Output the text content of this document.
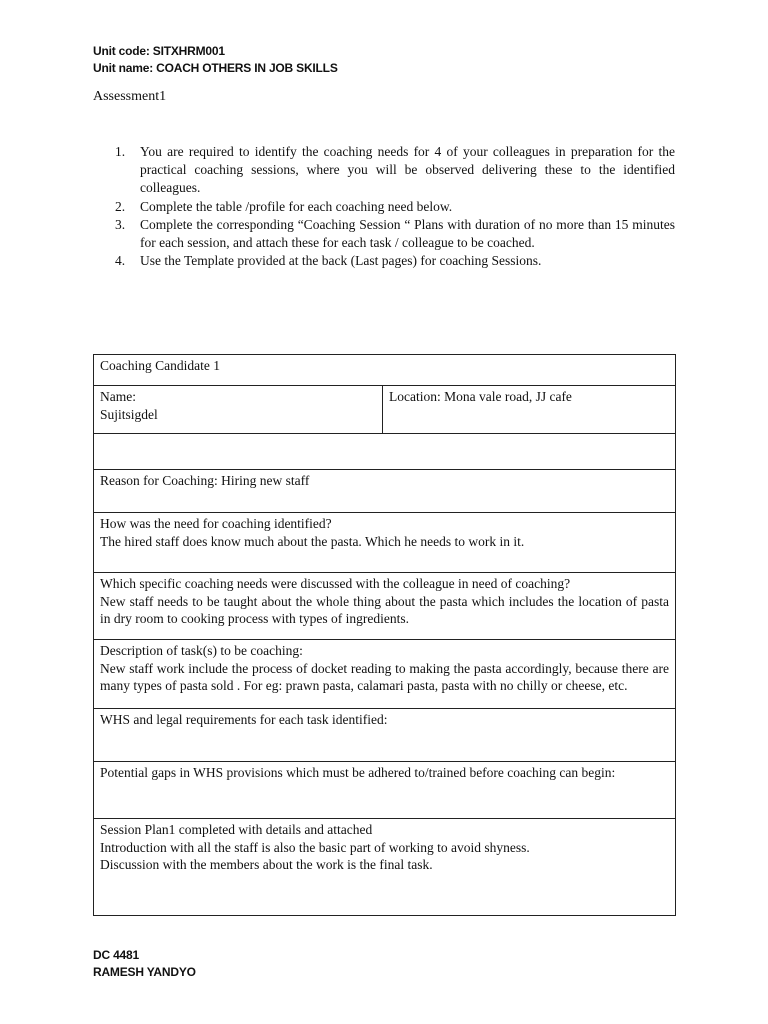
Unit code: SITXHRM001
Unit name: COACH OTHERS IN JOB SKILLS
Assessment1
1. You are required to identify the coaching needs for 4 of your colleagues in preparation for the practical coaching sessions, where you will be observed delivering these to the identified colleagues.
2. Complete the table /profile for each coaching need below.
3. Complete the corresponding “Coaching Session “ Plans with duration of no more than 15 minutes for each session, and attach these for each task / colleague to be coached.
4. Use the Template provided at the back (Last pages) for coaching Sessions.
Coaching Candidate 1

Name:
Sujitsigdel
	Location: Mona vale road, JJ cafe

Reason for Coaching: Hiring new staff

How was the need for coaching identified?
The hired staff does know much about the pasta. Which he needs to work in it.

Which specific coaching needs were discussed with the colleague in need of coaching?
New staff needs to be taught about the whole thing about the pasta which includes the location of pasta in dry room to cooking process with types of ingredients.

Description of task(s) to be coaching:
New staff work include the process of docket reading to making the pasta accordingly, because there are many types of pasta sold . For eg: prawn pasta, calamari pasta, pasta with no chilly or cheese, etc.

WHS and legal requirements for each task identified:
Potential gaps in WHS provisions which must be adhered to/trained before coaching can begin:

Session Plan1 completed with details and attached
Introduction with all the staff is also the basic part of working to avoid shyness.
Discussion with the members about the work is the final task.
DC 4481
RAMESH YANDYO
